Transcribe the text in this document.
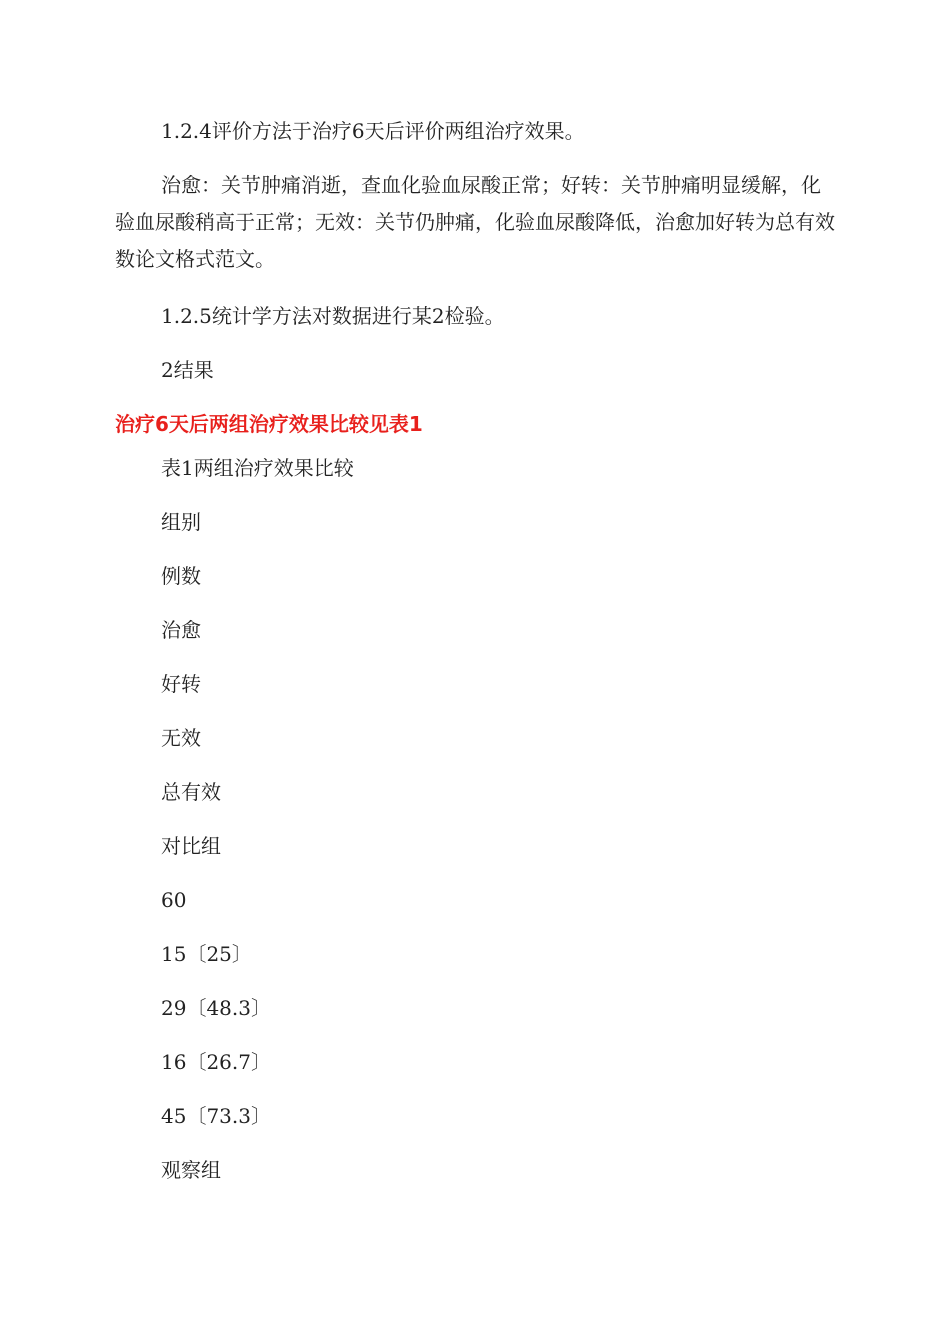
1.2.4评价方法于治疗6天后评价两组治疗效果。

治愈：关节肿痛消逝，查血化验血尿酸正常；好转：关节肿痛明显缓解，化验血尿酸稍高于正常；无效：关节仍肿痛，化验血尿酸降低，治愈加好转为总有效数论文格式范文。

1.2.5统计学方法对数据进行某2检验。

2结果

治疗6天后两组治疗效果比较见表1

表1两组治疗效果比较

组别

例数

治愈

好转

无效

总有效

对比组

60

15〔25〕

29〔48.3〕

16〔26.7〕

45〔73.3〕

观察组
